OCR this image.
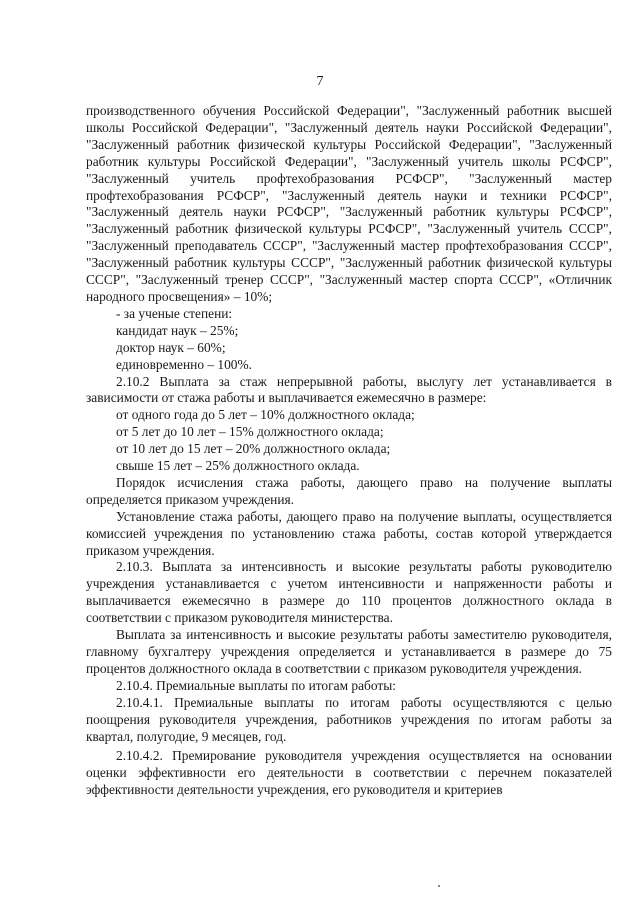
7

производственного обучения Российской Федерации", "Заслуженный работник высшей школы Российской Федерации", "Заслуженный деятель науки Российской Федерации", "Заслуженный работник физической культуры Российской Федерации", "Заслуженный работник культуры Российской Федерации", "Заслуженный учитель школы РСФСР", "Заслуженный учитель профтехобразования РСФСР", "Заслуженный мастер профтехобразования РСФСР", "Заслуженный деятель науки и техники РСФСР", "Заслуженный деятель науки РСФСР", "Заслуженный работник культуры РСФСР", "Заслуженный работник физической культуры РСФСР", "Заслуженный учитель СССР", "Заслуженный преподаватель СССР", "Заслуженный мастер профтехобразования СССР", "Заслуженный работник культуры СССР", "Заслуженный работник физической культуры СССР", "Заслуженный тренер СССР", "Заслуженный мастер спорта СССР", «Отличник народного просвещения» – 10%;

- за ученые степени:

кандидат наук – 25%;

доктор наук – 60%;

единовременно – 100%.

2.10.2 Выплата за стаж непрерывной работы, выслугу лет устанавливается в зависимости от стажа работы и выплачивается ежемесячно в размере:

от одного года до 5 лет – 10% должностного оклада;

от 5 лет до 10 лет – 15% должностного оклада;

от 10 лет до 15 лет – 20% должностного оклада;

свыше 15 лет – 25% должностного оклада.

Порядок исчисления стажа работы, дающего право на получение выплаты определяется приказом учреждения.

Установление стажа работы, дающего право на получение выплаты, осуществляется комиссией учреждения по установлению стажа работы, состав которой утверждается приказом учреждения.

2.10.3. Выплата за интенсивность и высокие результаты работы руководителю учреждения устанавливается с учетом интенсивности и напряженности работы и выплачивается ежемесячно в размере до 110 процентов должностного оклада в соответствии с приказом руководителя министерства.

Выплата за интенсивность и высокие результаты работы заместителю руководителя, главному бухгалтеру учреждения определяется и устанавливается в размере до 75 процентов должностного оклада в соответствии с приказом руководителя учреждения.

2.10.4. Премиальные выплаты по итогам работы:

2.10.4.1. Премиальные выплаты по итогам работы осуществляются с целью поощрения руководителя учреждения, работников учреждения по итогам работы за квартал, полугодие, 9 месяцев, год.

2.10.4.2. Премирование руководителя учреждения осуществляется на основании оценки эффективности его деятельности в соответствии с перечнем показателей эффективности деятельности учреждения, его руководителя и критериев
